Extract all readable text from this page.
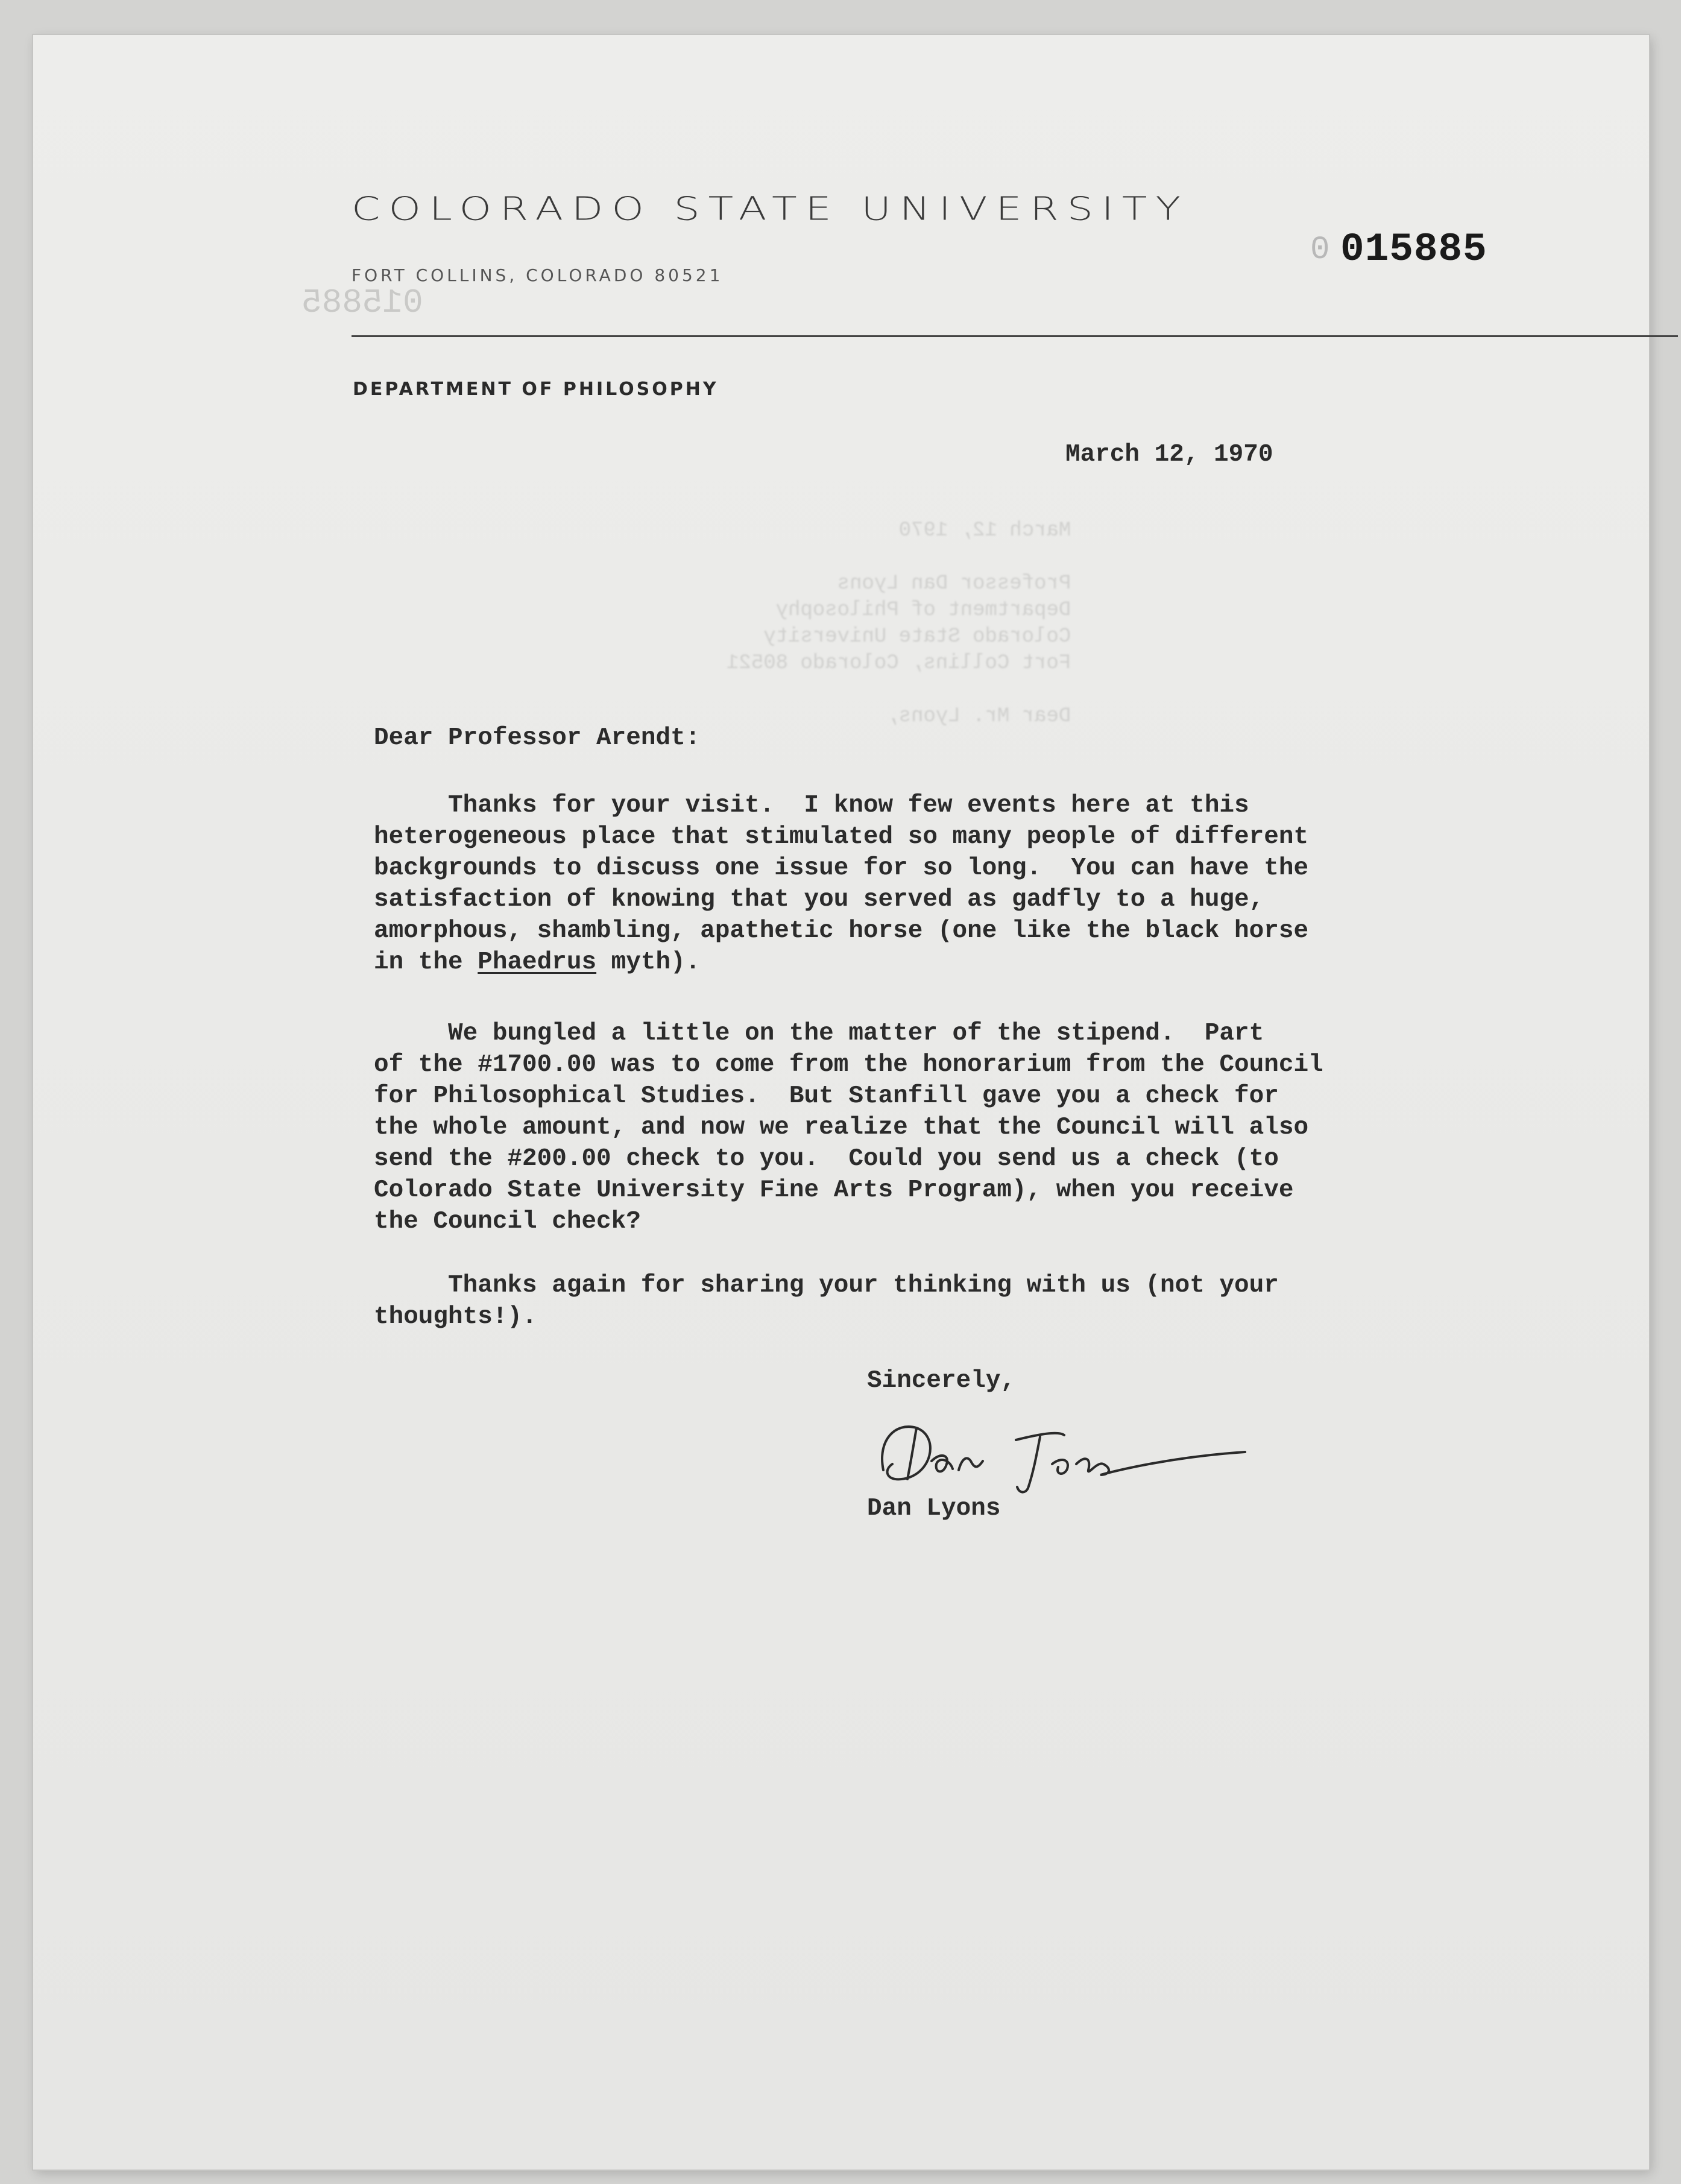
COLORADO STATE UNIVERSITY
FORT COLLINS, COLORADO 80521
0 015885
015885
DEPARTMENT OF PHILOSOPHY
March 12, 1970

Professor Dan Lyons
Department of Philosophy
Colorado State University
Fort Collins, Colorado 80521

Dear Mr. Lyons,
March 12, 1970
Dear Professor Arendt:
Thanks for your visit.  I know few events here at this
heterogeneous place that stimulated so many people of different
backgrounds to discuss one issue for so long.  You can have the
satisfaction of knowing that you served as gadfly to a huge,
amorphous, shambling, apathetic horse (one like the black horse
in the Phaedrus myth).
We bungled a little on the matter of the stipend.  Part
of the #1700.00 was to come from the honorarium from the Council
for Philosophical Studies.  But Stanfill gave you a check for
the whole amount, and now we realize that the Council will also
send the #200.00 check to you.  Could you send us a check (to
Colorado State University Fine Arts Program), when you receive
the Council check?
Thanks again for sharing your thinking with us (not your
thoughts!).
Sincerely,
Dan Lyons
